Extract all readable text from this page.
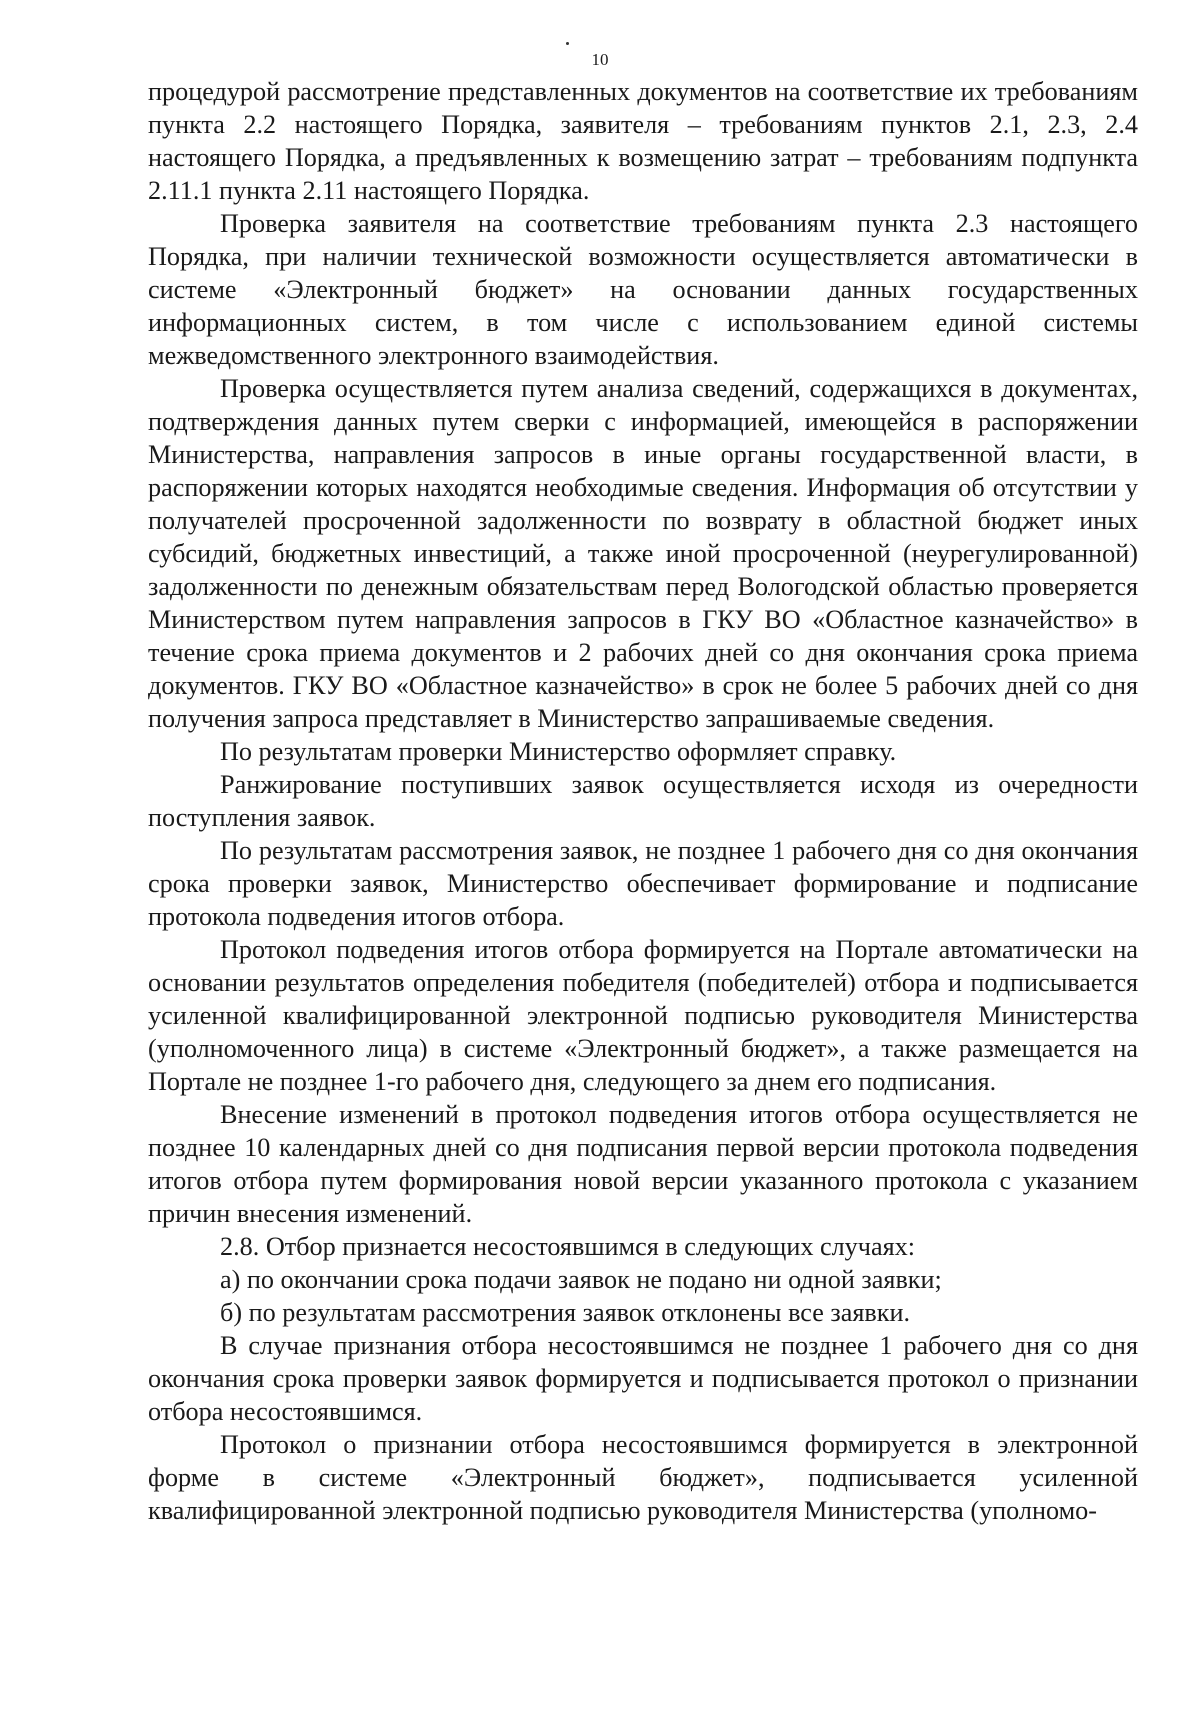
10

процедурой рассмотрение представленных документов на соответствие их требованиям пункта 2.2 настоящего Порядка, заявителя – требованиям пунктов 2.1, 2.3, 2.4 настоящего Порядка, а предъявленных к возмещению затрат – требованиям подпункта 2.11.1 пункта 2.11 настоящего Порядка.

Проверка заявителя на соответствие требованиям пункта 2.3 настоящего Порядка, при наличии технической возможности осуществляется автоматически в системе «Электронный бюджет» на основании данных государственных информационных систем, в том числе с использованием единой системы межведомственного электронного взаимодействия.

Проверка осуществляется путем анализа сведений, содержащихся в документах, подтверждения данных путем сверки с информацией, имеющейся в распоряжении Министерства, направления запросов в иные органы государственной власти, в распоряжении которых находятся необходимые сведения. Информация об отсутствии у получателей просроченной задолженности по возврату в областной бюджет иных субсидий, бюджетных инвестиций, а также иной просроченной (неурегулированной) задолженности по денежным обязательствам перед Вологодской областью проверяется Министерством путем направления запросов в ГКУ ВО «Областное казначейство» в течение срока приема документов и 2 рабочих дней со дня окончания срока приема документов. ГКУ ВО «Областное казначейство» в срок не более 5 рабочих дней со дня получения запроса представляет в Министерство запрашиваемые сведения.

По результатам проверки Министерство оформляет справку.

Ранжирование поступивших заявок осуществляется исходя из очередности поступления заявок.

По результатам рассмотрения заявок, не позднее 1 рабочего дня со дня окончания срока проверки заявок, Министерство обеспечивает формирование и подписание протокола подведения итогов отбора.

Протокол подведения итогов отбора формируется на Портале автоматически на основании результатов определения победителя (победителей) отбора и подписывается усиленной квалифицированной электронной подписью руководителя Министерства (уполномоченного лица) в системе «Электронный бюджет», а также размещается на Портале не позднее 1-го рабочего дня, следующего за днем его подписания.

Внесение изменений в протокол подведения итогов отбора осуществляется не позднее 10 календарных дней со дня подписания первой версии протокола подведения итогов отбора путем формирования новой версии указанного протокола с указанием причин внесения изменений.

2.8. Отбор признается несостоявшимся в следующих случаях:

а) по окончании срока подачи заявок не подано ни одной заявки;

б) по результатам рассмотрения заявок отклонены все заявки.

В случае признания отбора несостоявшимся не позднее 1 рабочего дня со дня окончания срока проверки заявок формируется и подписывается протокол о признании отбора несостоявшимся.

Протокол о признании отбора несостоявшимся формируется в электронной форме в системе «Электронный бюджет», подписывается усиленной квалифицированной электронной подписью руководителя Министерства (уполномо-
